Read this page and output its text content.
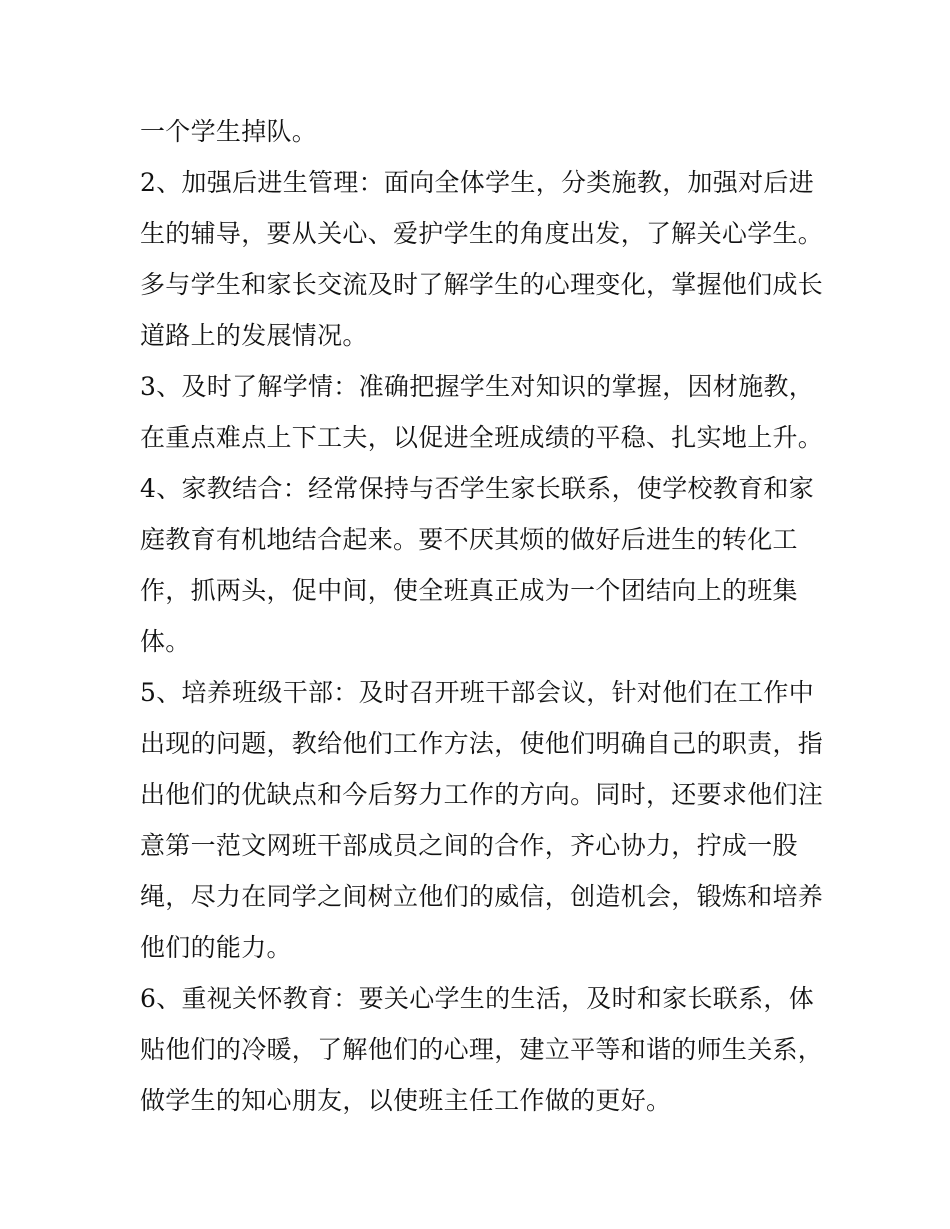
一个学生掉队。
2、加强后进生管理：面向全体学生，分类施教，加强对后进
生的辅导，要从关心、爱护学生的角度出发，了解关心学生。
多与学生和家长交流及时了解学生的心理变化，掌握他们成长
道路上的发展情况。
3、及时了解学情：准确把握学生对知识的掌握，因材施教，
在重点难点上下工夫，以促进全班成绩的平稳、扎实地上升。
4、家教结合：经常保持与否学生家长联系，使学校教育和家
庭教育有机地结合起来。要不厌其烦的做好后进生的转化工
作，抓两头，促中间，使全班真正成为一个团结向上的班集
体。
5、培养班级干部：及时召开班干部会议，针对他们在工作中
出现的问题，教给他们工作方法，使他们明确自己的职责，指
出他们的优缺点和今后努力工作的方向。同时，还要求他们注
意第一范文网班干部成员之间的合作，齐心协力，拧成一股
绳，尽力在同学之间树立他们的威信，创造机会，锻炼和培养
他们的能力。
6、重视关怀教育：要关心学生的生活，及时和家长联系，体
贴他们的冷暖，了解他们的心理，建立平等和谐的师生关系，
做学生的知心朋友，以使班主任工作做的更好。
